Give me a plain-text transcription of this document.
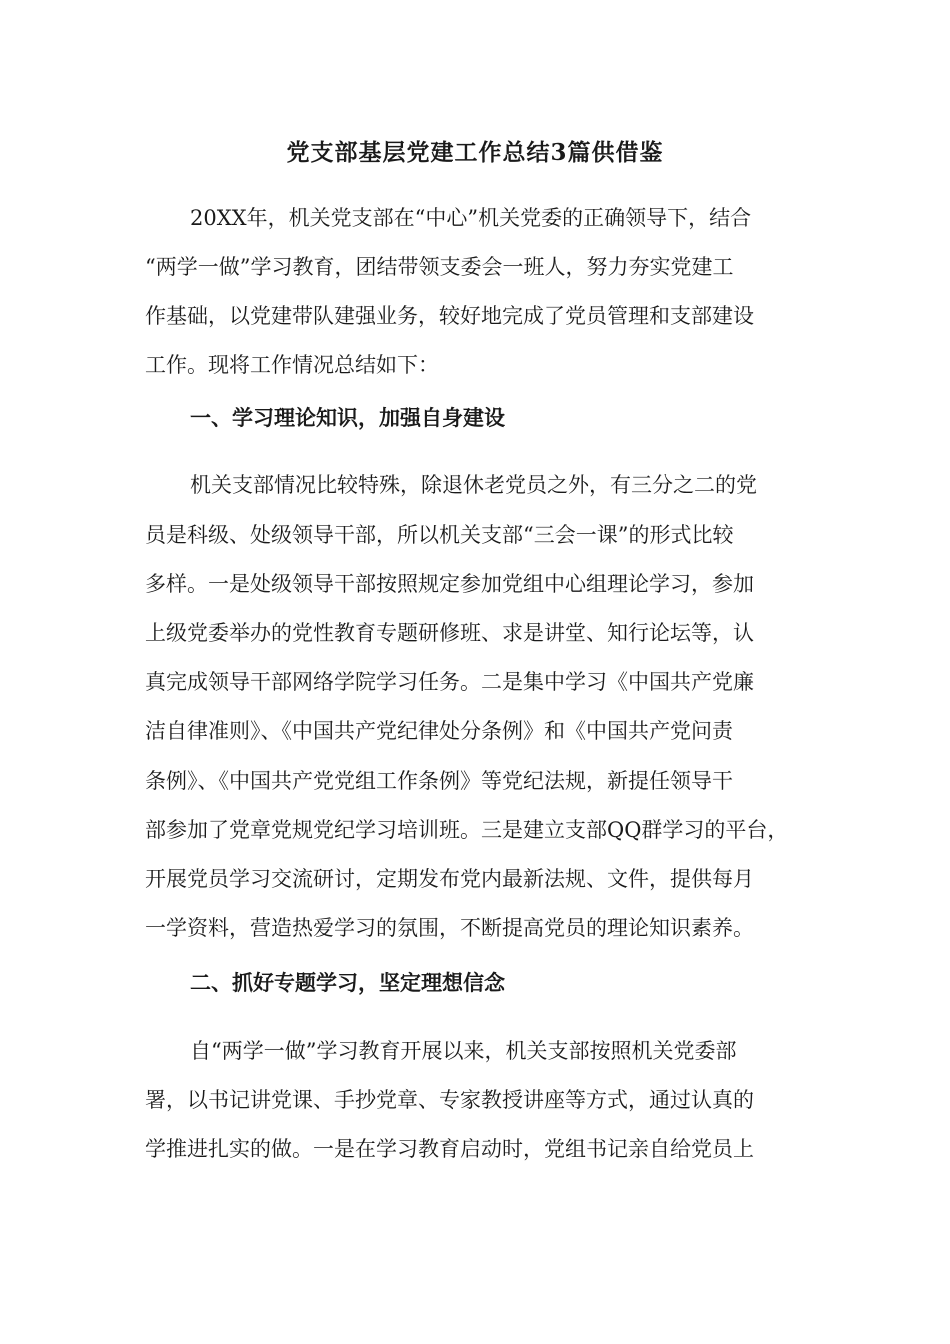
党支部基层党建工作总结3篇供借鉴

20XX年，机关党支部在“中心”机关党委的正确领导下，结合

“两学一做”学习教育，团结带领支委会一班人，努力夯实党建工

作基础，以党建带队建强业务，较好地完成了党员管理和支部建设

工作。现将工作情况总结如下：

一、学习理论知识，加强自身建设

机关支部情况比较特殊，除退休老党员之外，有三分之二的党

员是科级、处级领导干部，所以机关支部“三会一课”的形式比较

多样。一是处级领导干部按照规定参加党组中心组理论学习，参加

上级党委举办的党性教育专题研修班、求是讲堂、知行论坛等，认

真完成领导干部网络学院学习任务。二是集中学习《中国共产党廉

洁自律准则》、《中国共产党纪律处分条例》和《中国共产党问责

条例》、《中国共产党党组工作条例》等党纪法规，新提任领导干

部参加了党章党规党纪学习培训班。三是建立支部QQ群学习的平台，

开展党员学习交流研讨，定期发布党内最新法规、文件，提供每月

一学资料，营造热爱学习的氛围，不断提高党员的理论知识素养。

二、抓好专题学习，坚定理想信念

自“两学一做”学习教育开展以来，机关支部按照机关党委部

署，以书记讲党课、手抄党章、专家教授讲座等方式，通过认真的

学推进扎实的做。一是在学习教育启动时，党组书记亲自给党员上
